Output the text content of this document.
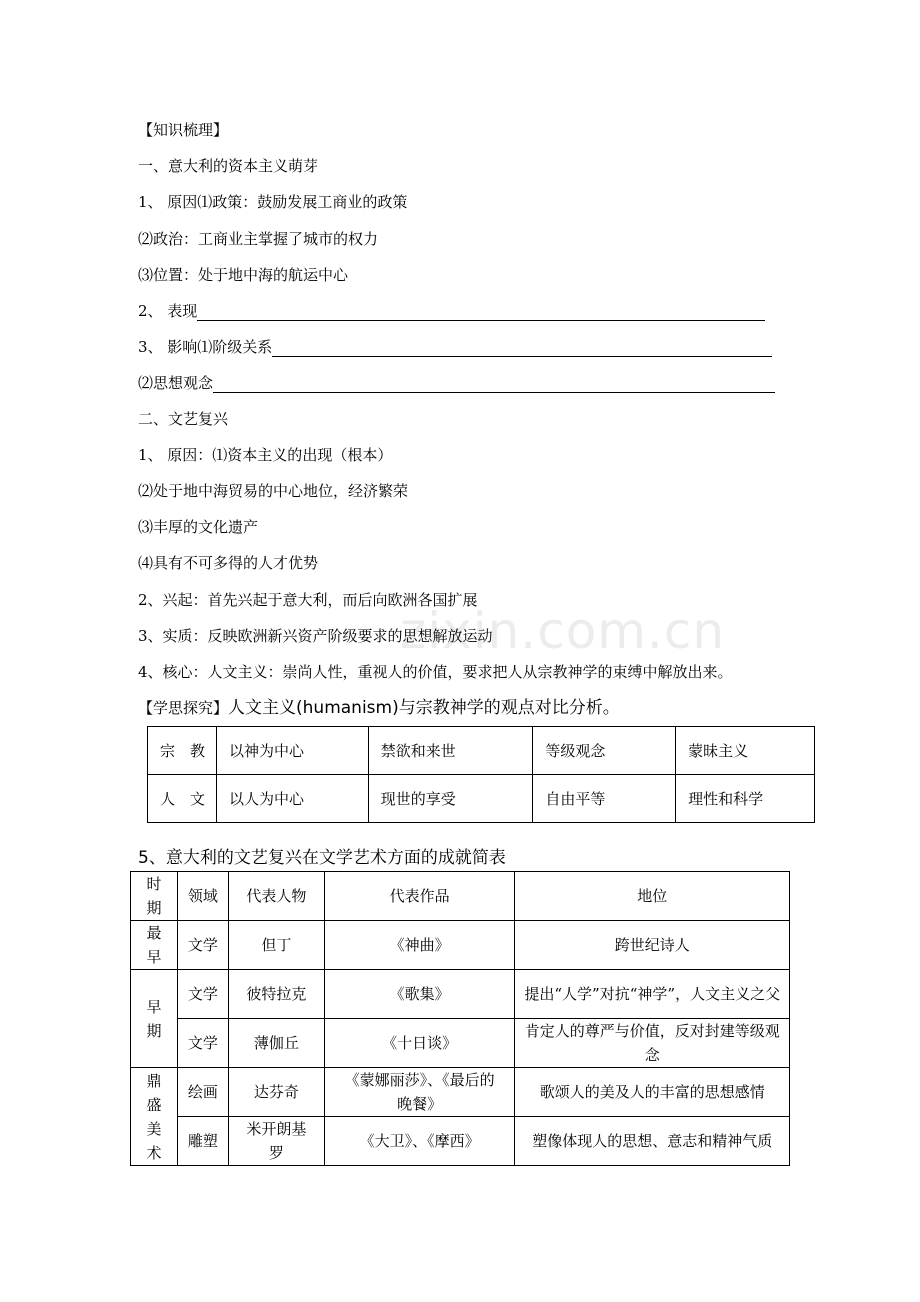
zixin.com.cn
【知识梳理】
一、意大利的资本主义萌芽
1、 原因⑴政策：鼓励发展工商业的政策
⑵政治：工商业主掌握了城市的权力
⑶位置：处于地中海的航运中心
2、 表现
3、 影响⑴阶级关系
⑵思想观念
二、文艺复兴
1、 原因：⑴资本主义的出现（根本）
⑵处于地中海贸易的中心地位，经济繁荣
⑶丰厚的文化遗产
⑷具有不可多得的人才优势
2、兴起：首先兴起于意大利，而后向欧洲各国扩展
3、实质：反映欧洲新兴资产阶级要求的思想解放运动
4、核心：人文主义：崇尚人性，重视人的价值，要求把人从宗教神学的束缚中解放出来。
【学思探究】人文主义(humanism)与宗教神学的观点对比分析。
宗　教	以神为中心	禁欲和来世	等级观念	蒙昧主义
人　文	以人为中心	现世的享受	自由平等	理性和科学
5、意大利的文艺复兴在文学艺术方面的成就简表
时期	领域	代表人物	代表作品	地位
最早	文学	但丁	《神曲》	跨世纪诗人
早期	文学	彼特拉克	《歌集》	提出“人学”对抗“神学”，人文主义之父
	文学	薄伽丘	《十日谈》	肯定人的尊严与价值，反对封建等级观念
鼎盛美术	绘画	达芬奇	《蒙娜丽莎》、《最后的晚餐》	歌颂人的美及人的丰富的思想感情
	雕塑	米开朗基罗	《大卫》、《摩西》	塑像体现人的思想、意志和精神气质
